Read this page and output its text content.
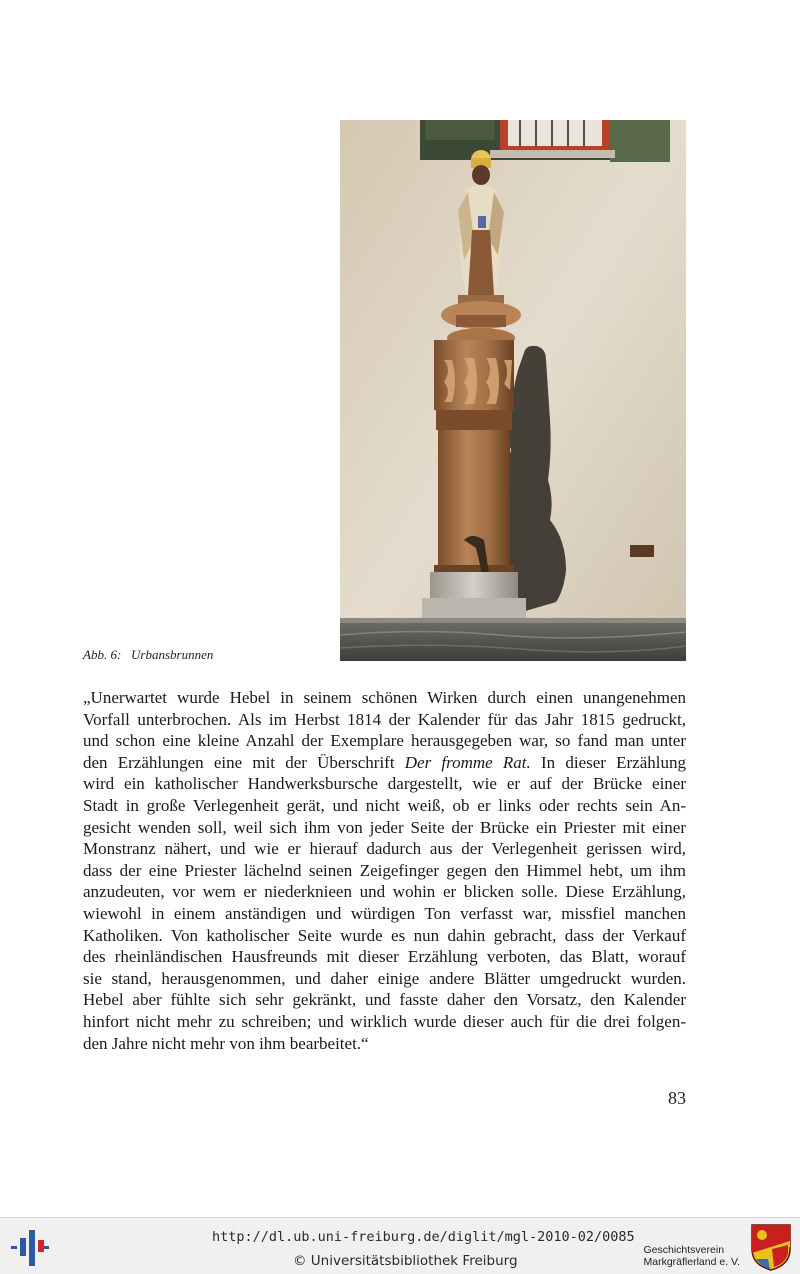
Abb. 6:   Urbansbrunnen
„Unerwartet wurde Hebel in seinem schönen Wirken durch einen unangenehmen
Vorfall unterbrochen. Als im Herbst 1814 der Kalender für das Jahr 1815 gedruckt,
und schon eine kleine Anzahl der Exemplare herausgegeben war, so fand man unter
den Erzählungen eine mit der Überschrift Der fromme Rat. In dieser Erzählung
wird ein katholischer Handwerksbursche dargestellt, wie er auf der Brücke einer
Stadt in große Verlegenheit gerät, und nicht weiß, ob er links oder rechts sein An-
gesicht wenden soll, weil sich ihm von jeder Seite der Brücke ein Priester mit einer
Monstranz nähert, und wie er hierauf dadurch aus der Verlegenheit gerissen wird,
dass der eine Priester lächelnd seinen Zeigefinger gegen den Himmel hebt, um ihm
anzudeuten, vor wem er niederknieen und wohin er blicken solle. Diese Erzählung,
wiewohl in einem anständigen und würdigen Ton verfasst war, missfiel manchen
Katholiken. Von katholischer Seite wurde es nun dahin gebracht, dass der Verkauf
des rheinländischen Hausfreunds mit dieser Erzählung verboten, das Blatt, worauf
sie stand, herausgenommen, und daher einige andere Blätter umgedruckt wurden.
Hebel aber fühlte sich sehr gekränkt, und fasste daher den Vorsatz, den Kalender
hinfort nicht mehr zu schreiben; und wirklich wurde dieser auch für die drei folgen-
den Jahre nicht mehr von ihm bearbeitet.“
83
http://dl.ub.uni-freiburg.de/diglit/mgl-2010-02/0085
© Universitätsbibliothek Freiburg
Geschichtsverein
Markgräflerland e. V.
